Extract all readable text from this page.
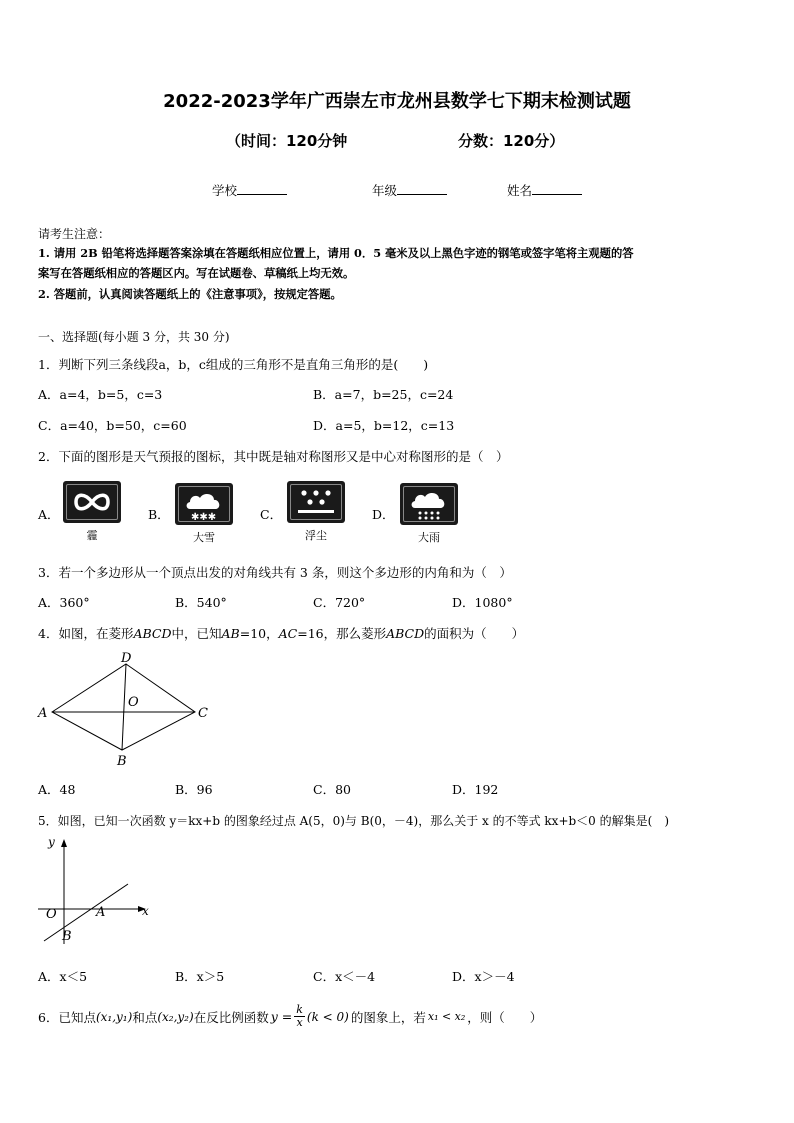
2022-2023学年广西崇左市龙州县数学七下期末检测试题
（时间：120分钟	分数：120分）
学校	年级	姓名
请考生注意：
1. 请用 2B 铅笔将选择题答案涂填在答题纸相应位置上，请用 0．5 毫米及以上黑色字迹的钢笔或签字笔将主观题的答
案写在答题纸相应的答题区内。写在试题卷、草稿纸上均无效。
2. 答题前，认真阅读答题纸上的《注意事项》，按规定答题。
一、选择题(每小题 3 分，共 30 分)
1．判断下列三条线段a，b，c组成的三角形不是直角三角形的是(　　)
A．a=4，b=5，c=3	B．a=7，b=25，c=24
C．a=40，b=50，c=60	D．a=5，b=12，c=13
2．下面的图形是天气预报的图标，其中既是轴对称图形又是中心对称图形的是（　）
A．
霾
B． ✱✱✱
大雪
C．
浮尘
D．
大雨
3．若一个多边形从一个顶点出发的对角线共有 3 条，则这个多边形的内角和为（　）
A．360°	B．540°	C．720°	D．1080°
4．如图，在菱形ABCD中，已知AB=10，AC=16，那么菱形ABCD的面积为（　　）
A
D
C
B
O
A．48	B．96	C．80	D．192
5．如图，已知一次函数 y＝kx+b 的图象经过点 A(5，0)与 B(0，－4)，那么关于 x 的不等式 kx+b＜0 的解集是(　)
y
x
O	A
B
A．x＜5	B．x＞5	C．x＜－4	D．x＞－4
6．已知点 (x₁,y₁) 和点 (x₂,y₂) 在反比例函数 $y = \frac{k}{x} (k < 0)$ 的图象上，若 x₁ < x₂ ，则（　　）
